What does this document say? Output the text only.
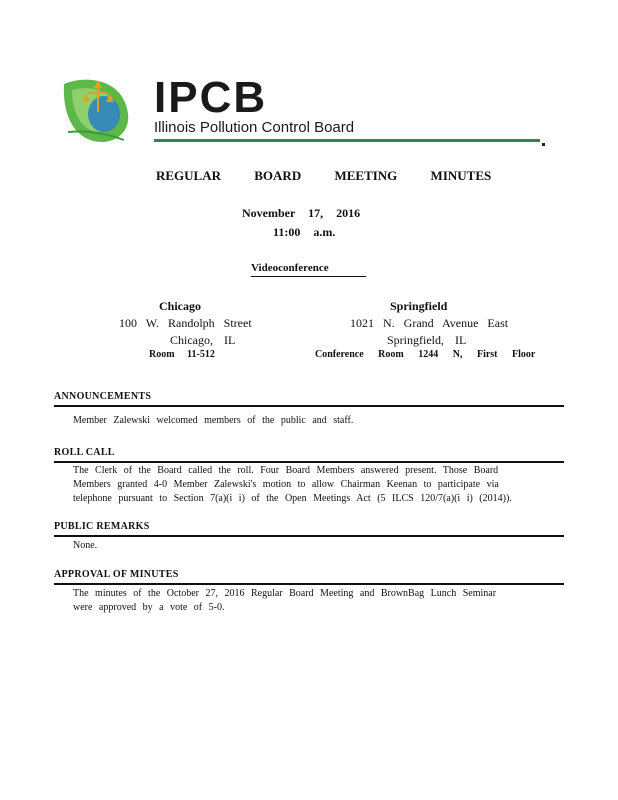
IPCB
Illinois Pollution Control Board
REGULAR BOARD MEETING MINUTES
November 17, 2016
11:00 a.m.
Videoconference
Chicago
100 W. Randolph Street
Chicago, IL
Room 11-512
Springfield
1021 N. Grand Avenue East
Springfield, IL
Conference Room 1244 N, First Floor
ANNOUNCEMENTS
Member Zalewski welcomed members of the public and staff.
ROLL CALL
The Clerk of the Board called the roll. Four Board Members answered present. Those Board
Members granted 4-0 Member Zalewski's motion to allow Chairman Keenan to participate via
telephone pursuant to Section 7(a)(i i) of the Open Meetings Act (5 ILCS 120/7(a)(i i) (2014)).
PUBLIC REMARKS
None.
APPROVAL OF MINUTES
The minutes of the October 27, 2016 Regular Board Meeting and BrownBag Lunch Seminar
were approved by a vote of 5-0.
